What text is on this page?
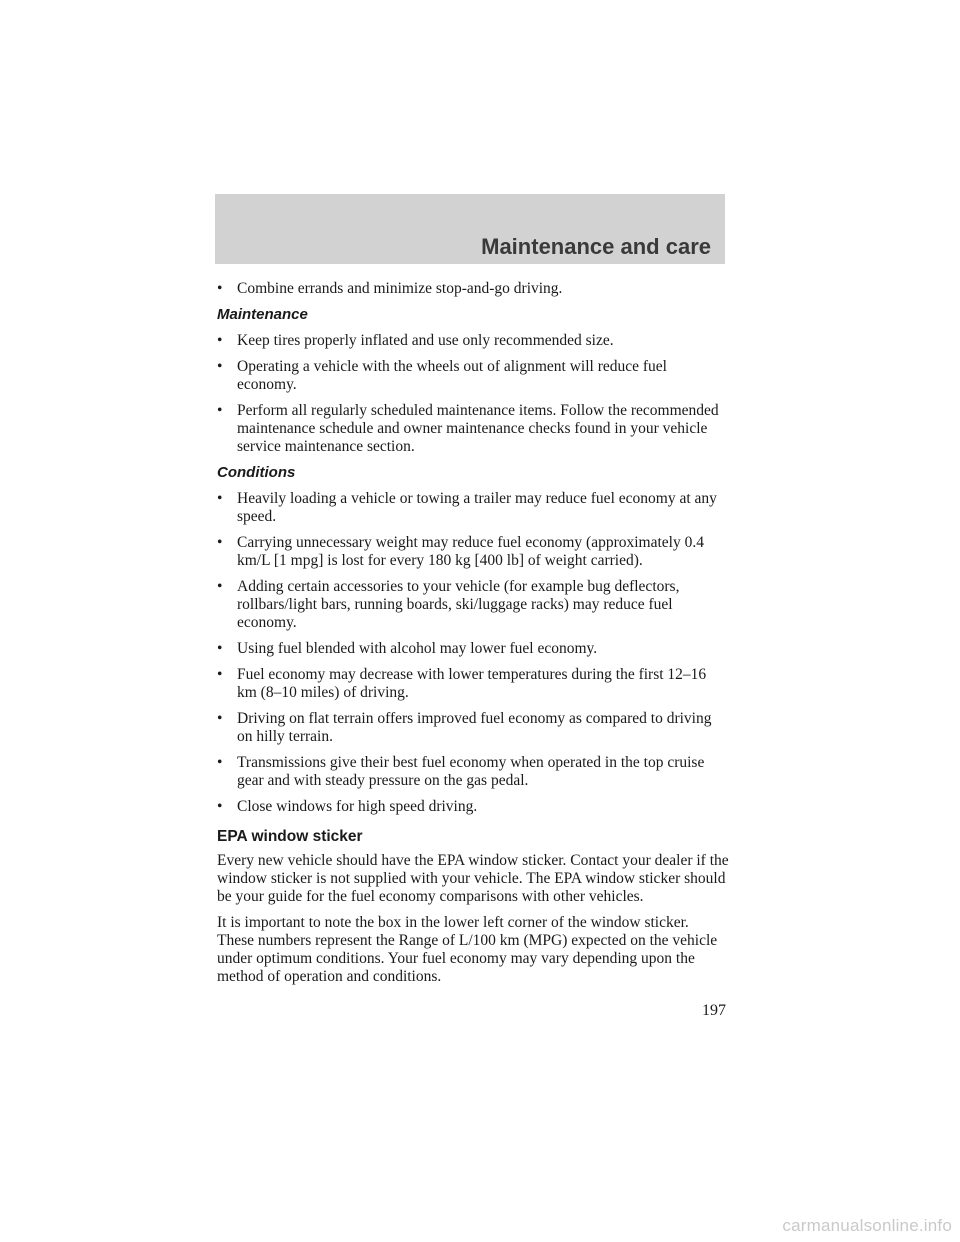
Maintenance and care
• Combine errands and minimize stop-and-go driving.
Maintenance
• Keep tires properly inflated and use only recommended size.
• Operating a vehicle with the wheels out of alignment will reduce fuel economy.
• Perform all regularly scheduled maintenance items. Follow the recommended maintenance schedule and owner maintenance checks found in your vehicle service maintenance section.
Conditions
• Heavily loading a vehicle or towing a trailer may reduce fuel economy at any speed.
• Carrying unnecessary weight may reduce fuel economy (approximately 0.4 km/L [1 mpg] is lost for every 180 kg [400 lb] of weight carried).
• Adding certain accessories to your vehicle (for example bug deflectors, rollbars/light bars, running boards, ski/luggage racks) may reduce fuel economy.
• Using fuel blended with alcohol may lower fuel economy.
• Fuel economy may decrease with lower temperatures during the first 12–16 km (8–10 miles) of driving.
• Driving on flat terrain offers improved fuel economy as compared to driving on hilly terrain.
• Transmissions give their best fuel economy when operated in the top cruise gear and with steady pressure on the gas pedal.
• Close windows for high speed driving.
EPA window sticker

Every new vehicle should have the EPA window sticker. Contact your dealer if the window sticker is not supplied with your vehicle. The EPA window sticker should be your guide for the fuel economy comparisons with other vehicles.

It is important to note the box in the lower left corner of the window sticker. These numbers represent the Range of L/100 km (MPG) expected on the vehicle under optimum conditions. Your fuel economy may vary depending upon the method of operation and conditions.

197
carmanualsonline.info
